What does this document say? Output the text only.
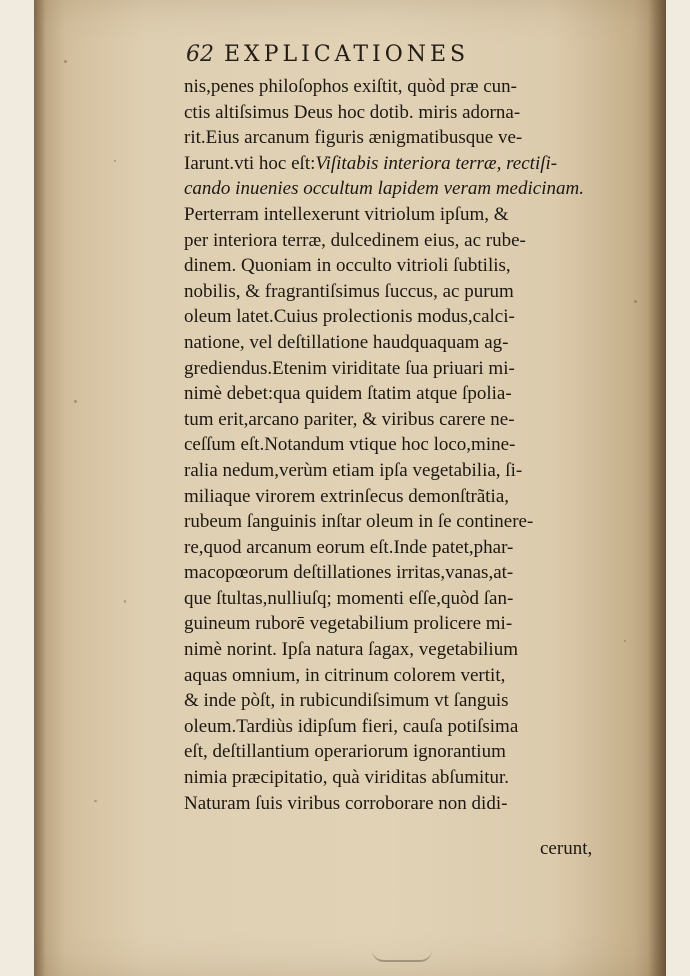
62 EXPLICATIONES
nis,penes philoſophos exiſtit, quòd præ cun-
ctis altiſsimus Deus hoc dotib. miris adorna-
rit.Eius arcanum figuris ænigmatibusque ve-
Iarunt.vti hoc eſt:Viſitabis interiora terræ, rectiſi-
cando inuenies occultum lapidem veram medicinam.
Perterram intellexerunt vitriolum ipſum, &
per interiora terræ, dulcedinem eius, ac rube-
dinem. Quoniam in occulto vitrioli ſubtilis,
nobilis, & fragrantiſsimus ſuccus, ac purum
oleum latet.Cuius prolectionis modus,calci-
natione, vel deſtillatione haudquaquam ag-
grediendus.Etenim viriditate ſua priuari mi-
nimè debet:qua quidem ſtatim atque ſpolia-
tum erit,arcano pariter, & viribus carere ne-
ceſſum eſt.Notandum vtique hoc loco,mine-
ralia nedum,verùm etiam ipſa vegetabilia, ſi-
miliaque virorem extrinſecus demonſtrãtia,
rubeum ſanguinis inſtar oleum in ſe continere-
re,quod arcanum eorum eſt.Inde patet,phar-
macopœorum deſtillationes irritas,vanas,at-
que ſtultas,nulliuſq; momenti eſſe,quòd ſan-
guineum ruborē vegetabilium prolicere mi-
nimè norint. Ipſa natura ſagax, vegetabilium
aquas omnium, in citrinum colorem vertit,
& inde pòſt, in rubicundiſsimum vt ſanguis
oleum.Tardiùs idipſum fieri, cauſa potiſsima
eſt, deſtillantium operariorum ignorantium
nimia præcipitatio, quà viriditas abſumitur.
Naturam ſuis viribus corroborare non didi-
cerunt,
